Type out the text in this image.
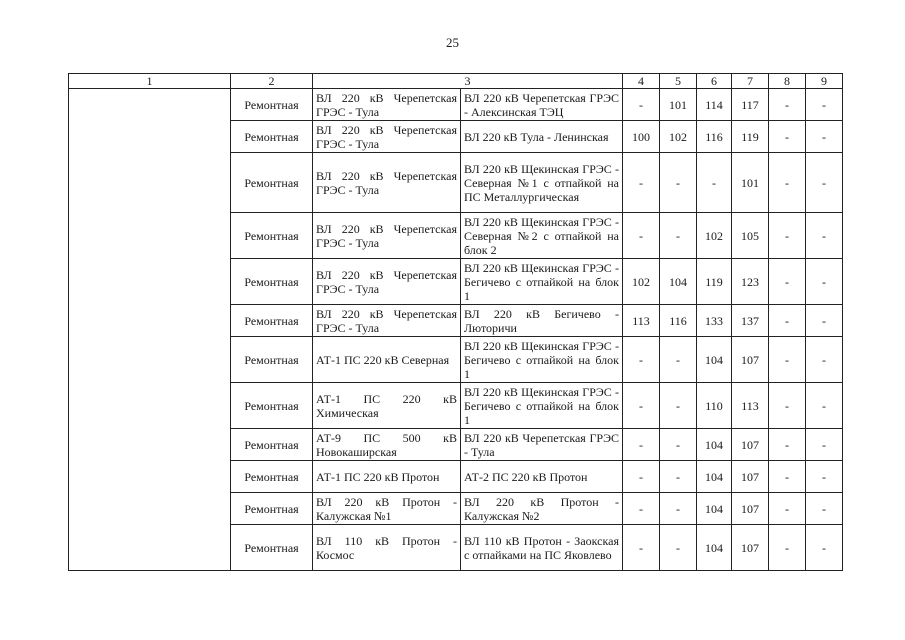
25
1	2	3		4	5	6	7	8	9
	Ремонтная	ВЛ 220 кВ Черепетская ГРЭС - Тула	ВЛ 220 кВ Черепетская ГРЭС - Алексинская ТЭЦ	-	101	114	117	-	-
	Ремонтная	ВЛ 220 кВ Черепетская ГРЭС - Тула	ВЛ 220 кВ Тула - Ленинская	100	102	116	119	-	-
	Ремонтная	ВЛ 220 кВ Черепетская ГРЭС - Тула	ВЛ 220 кВ Щекинская ГРЭС - Северная №1 с отпайкой на ПС Металлургическая	-	-	-	101	-	-
	Ремонтная	ВЛ 220 кВ Черепетская ГРЭС - Тула	ВЛ 220 кВ Щекинская ГРЭС - Северная №2 с отпайкой на блок 2	-	-	102	105	-	-
	Ремонтная	ВЛ 220 кВ Черепетская ГРЭС - Тула	ВЛ 220 кВ Щекинская ГРЭС - Бегичево с отпайкой на блок 1	102	104	119	123	-	-
	Ремонтная	ВЛ 220 кВ Черепетская ГРЭС - Тула	ВЛ 220 кВ Бегичево - Лютоpичи	113	116	133	137	-	-
	Ремонтная	АТ-1 ПС 220 кВ Северная	ВЛ 220 кВ Щекинская ГРЭС - Бегичево с отпайкой на блок 1	-	-	104	107	-	-
	Ремонтная	АТ-1 ПС 220 кВ Химическая	ВЛ 220 кВ Щекинская ГРЭС - Бегичево с отпайкой на блок 1	-	-	110	113	-	-
	Ремонтная	АТ-9 ПС 500 кВ Новокаширская	ВЛ 220 кВ Черепетская ГРЭС - Тула	-	-	104	107	-	-
	Ремонтная	АТ-1 ПС 220 кВ Протон	АТ-2 ПС 220 кВ Протон	-	-	104	107	-	-
	Ремонтная	ВЛ 220 кВ Протон - Калужская №1	ВЛ 220 кВ Протон - Калужская №2	-	-	104	107	-	-
	Ремонтная	ВЛ 110 кВ Протон - Космос	ВЛ 110 кВ Протон - Заокская с отпайками на ПС Яковлево	-	-	104	107	-	-
